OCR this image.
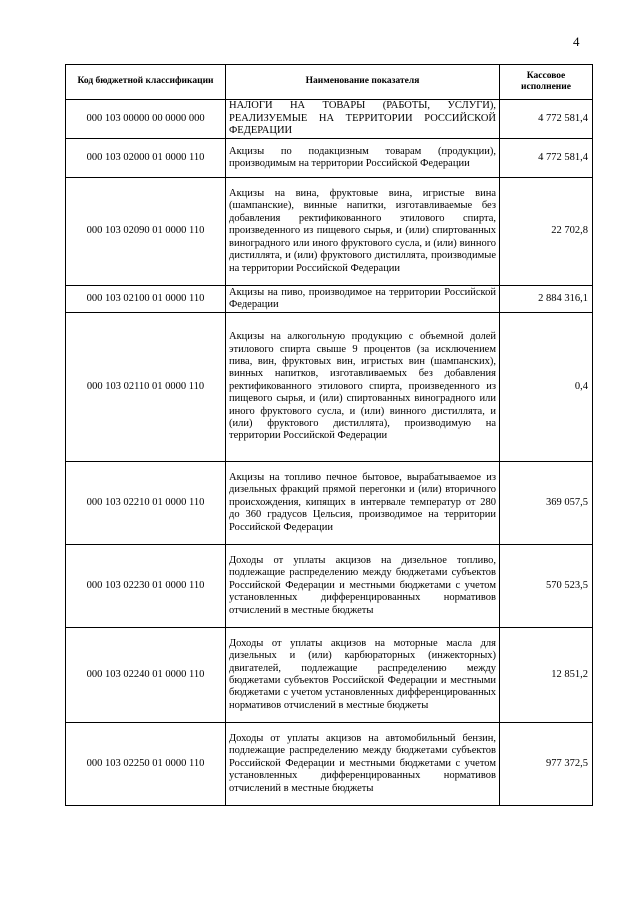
4
Код бюджетной классификации	Наименование показателя	Кассовое исполнение
000 103 00000 00 0000 000	НАЛОГИ НА ТОВАРЫ (РАБОТЫ, УСЛУГИ), РЕАЛИЗУЕМЫЕ НА ТЕРРИТОРИИ РОССИЙСКОЙ ФЕДЕРАЦИИ	4 772 581,4
000 103 02000 01 0000 110	Акцизы по подакцизным товарам (продукции), производимым на территории Российской Федерации	4 772 581,4
000 103 02090 01 0000 110	Акцизы на вина, фруктовые вина, игристые вина (шампанские), винные напитки, изготавливаемые без добавления ректификованного этилового спирта, произведенного из пищевого сырья, и (или) спиртованных виноградного или иного фруктового сусла, и (или) винного дистиллята, и (или) фруктового дистиллята, производимые на территории Российской Федерации	22 702,8
000 103 02100 01 0000 110	Акцизы на пиво, производимое на территории Российской Федерации	2 884 316,1
000 103 02110 01 0000 110	Акцизы на алкогольную продукцию с объемной долей этилового спирта свыше 9 процентов (за исключением пива, вин, фруктовых вин, игристых вин (шампанских), винных напитков, изготавливаемых без добавления ректификованного этилового спирта, произведенного из пищевого сырья, и (или) спиртованных виноградного или иного фруктового сусла, и (или) винного дистиллята, и (или) фруктового дистиллята), производимую на территории Российской Федерации	0,4
000 103 02210 01 0000 110	Акцизы на топливо печное бытовое, вырабатываемое из дизельных фракций прямой перегонки и (или) вторичного происхождения, кипящих в интервале температур от 280 до 360 градусов Цельсия, производимое на территории Российской Федерации	369 057,5
000 103 02230 01 0000 110	Доходы от уплаты акцизов на дизельное топливо, подлежащие распределению между бюджетами субъектов Российской Федерации и местными бюджетами с учетом установленных дифференцированных нормативов отчислений в местные бюджеты	570 523,5
000 103 02240 01 0000 110	Доходы от уплаты акцизов на моторные масла для дизельных и (или) карбюраторных (инжекторных) двигателей, подлежащие распределению между бюджетами субъектов Российской Федерации и местными бюджетами с учетом установленных дифференцированных нормативов отчислений в местные бюджеты	12 851,2
000 103 02250 01 0000 110	Доходы от уплаты акцизов на автомобильный бензин, подлежащие распределению между бюджетами субъектов Российской Федерации и местными бюджетами с учетом установленных дифференцированных нормативов отчислений в местные бюджеты	977 372,5
